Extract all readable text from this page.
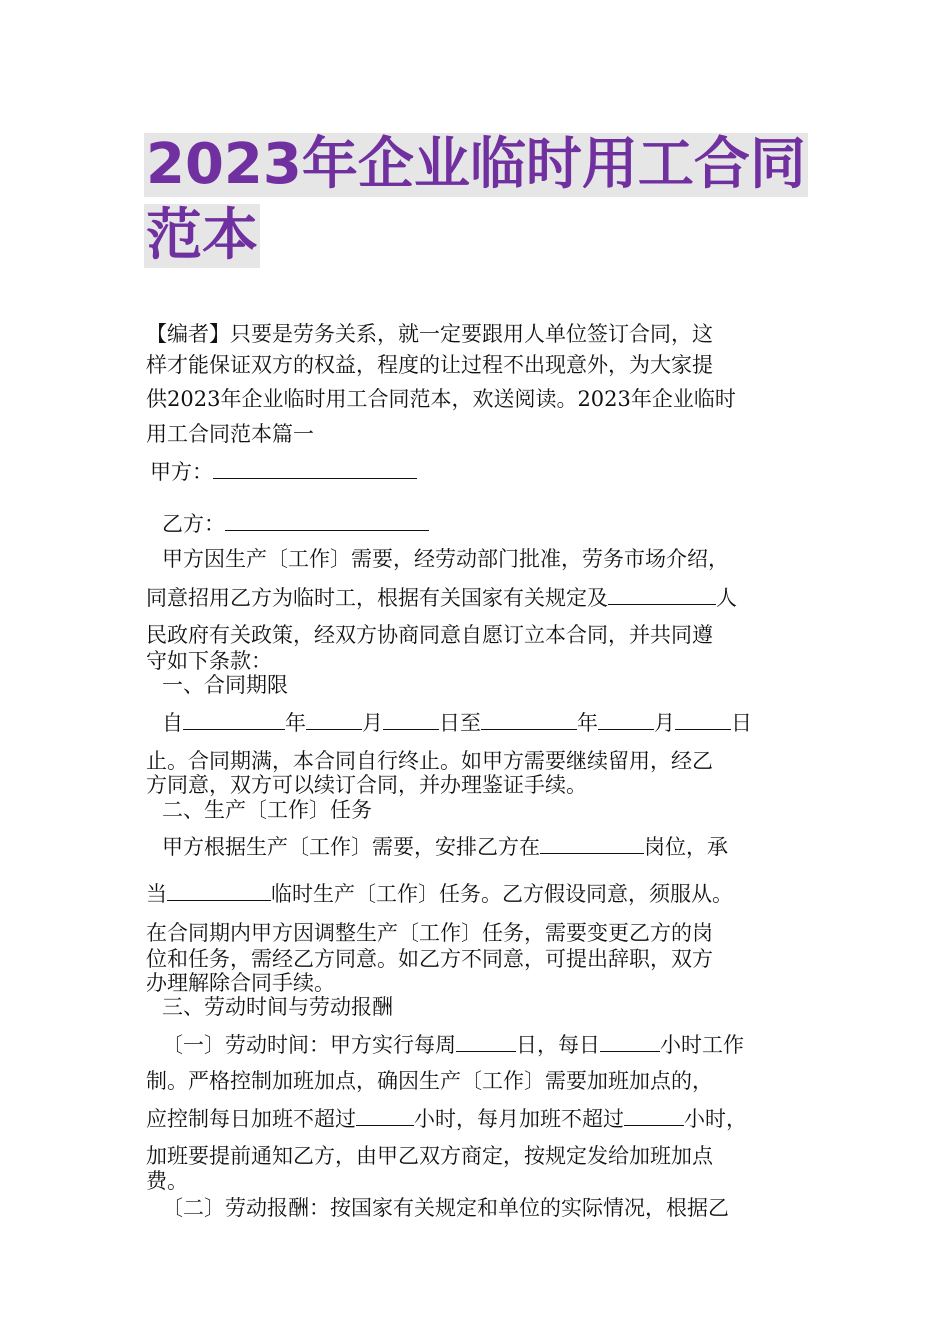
2023年企业临时用工合同
范本
【编者】只要是劳务关系，就一定要跟用人单位签订合同，这
样才能保证双方的权益，程度的让过程不出现意外，为大家提
供2023年企业临时用工合同范本，欢送阅读。2023年企业临时
用工合同范本篇一
甲方：
乙方：
甲方因生产〔工作〕需要，经劳动部门批准，劳务市场介绍，
同意招用乙方为临时工，根据有关国家有关规定及	人
民政府有关政策，经双方协商同意自愿订立本合同，并共同遵
守如下条款：
一、合同期限
自	年	月	日至	年	月	日
止。合同期满，本合同自行终止。如甲方需要继续留用，经乙
方同意，双方可以续订合同，并办理鉴证手续。
二、生产〔工作〕任务
甲方根据生产〔工作〕需要，安排乙方在	岗位，承
当	临时生产〔工作〕任务。乙方假设同意，须服从。
在合同期内甲方因调整生产〔工作〕任务，需要变更乙方的岗
位和任务，需经乙方同意。如乙方不同意，可提出辞职，双方
办理解除合同手续。
三、劳动时间与劳动报酬
〔一〕劳动时间：甲方实行每周	日，每日	小时工作
制。严格控制加班加点，确因生产〔工作〕需要加班加点的，
应控制每日加班不超过	小时，每月加班不超过	小时，
加班要提前通知乙方，由甲乙双方商定，按规定发给加班加点
费。
〔二〕劳动报酬：按国家有关规定和单位的实际情况，根据乙
